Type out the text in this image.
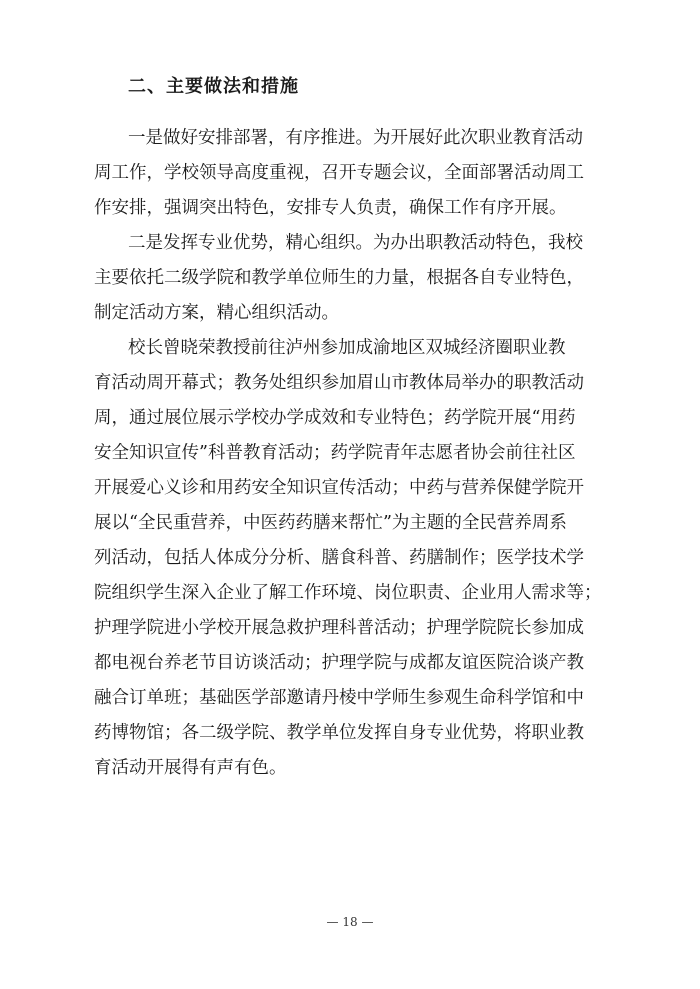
二、主要做法和措施

一是做好安排部署，有序推进。为开展好此次职业教育活动

周工作，学校领导高度重视，召开专题会议，全面部署活动周工

作安排，强调突出特色，安排专人负责，确保工作有序开展。

二是发挥专业优势，精心组织。为办出职教活动特色，我校

主要依托二级学院和教学单位师生的力量，根据各自专业特色，

制定活动方案，精心组织活动。

校长曾晓荣教授前往泸州参加成渝地区双城经济圈职业教

育活动周开幕式；教务处组织参加眉山市教体局举办的职教活动

周，通过展位展示学校办学成效和专业特色；药学院开展“用药

安全知识宣传”科普教育活动；药学院青年志愿者协会前往社区

开展爱心义诊和用药安全知识宣传活动；中药与营养保健学院开

展以“全民重营养，中医药药膳来帮忙”为主题的全民营养周系

列活动，包括人体成分分析、膳食科普、药膳制作；医学技术学

院组织学生深入企业了解工作环境、岗位职责、企业用人需求等；

护理学院进小学校开展急救护理科普活动；护理学院院长参加成

都电视台养老节目访谈活动；护理学院与成都友谊医院洽谈产教

融合订单班；基础医学部邀请丹棱中学师生参观生命科学馆和中

药博物馆；各二级学院、教学单位发挥自身专业优势，将职业教

育活动开展得有声有色。

— 18 —
